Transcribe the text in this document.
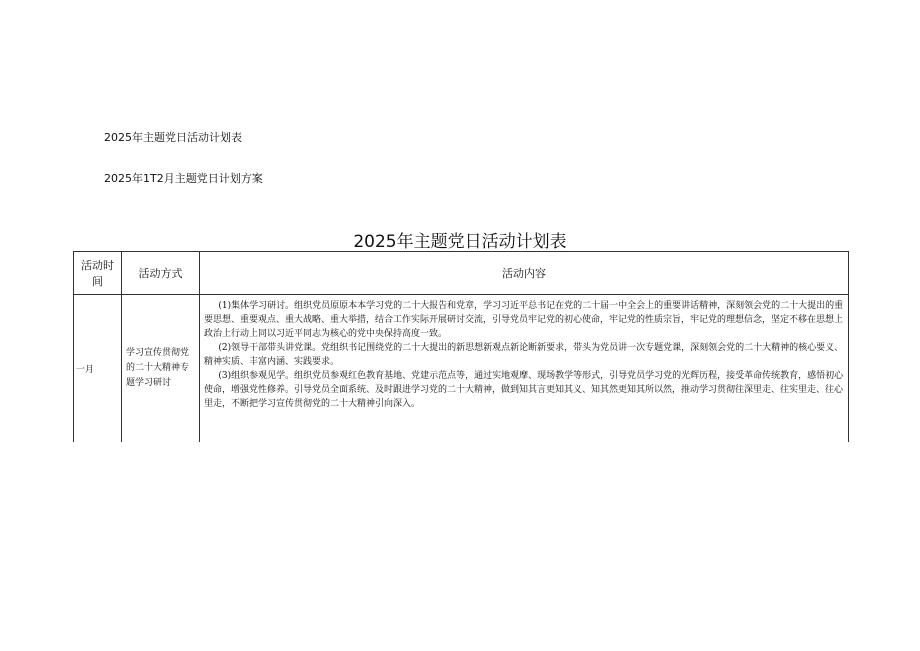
2025年主题党日活动计划表
2025年1T2月主题党日计划方案
2025年主题党日活动计划表
活动时间	活动方式	活动内容
一月	学习宣传贯彻党的二十大精神专题学习研讨	(1)集体学习研讨。组织党员原原本本学习党的二十大报告和党章，学习习近平总书记在党的二十届一中全会上的重要讲话精神，深刻领会党的二十大提出的重要思想、重要观点、重大战略、重大举措，结合工作实际开展研讨交流，引导党员牢记党的初心使命，牢记党的性质宗旨，牢记党的理想信念，坚定不移在思想上政治上行动上同以习近平同志为核心的党中央保持高度一致。

(2)领导干部带头讲党课。党组织书记围绕党的二十大提出的新思想新观点新论断新要求，带头为党员讲一次专题党课，深刻领会党的二十大精神的核心要义、精神实质、丰富内涵、实践要求。

(3)组织参观见学。组织党员参观红色教育基地、党建示范点等，通过实地观摩、现场教学等形式，引导党员学习党的光辉历程，接受革命传统教育，感悟初心使命，增强党性修养。引导党员全面系统、及时跟进学习党的二十大精神，做到知其言更知其义、知其然更知其所以然，推动学习贯彻往深里走、往实里走、往心里走，不断把学习宣传贯彻党的二十大精神引向深入。
